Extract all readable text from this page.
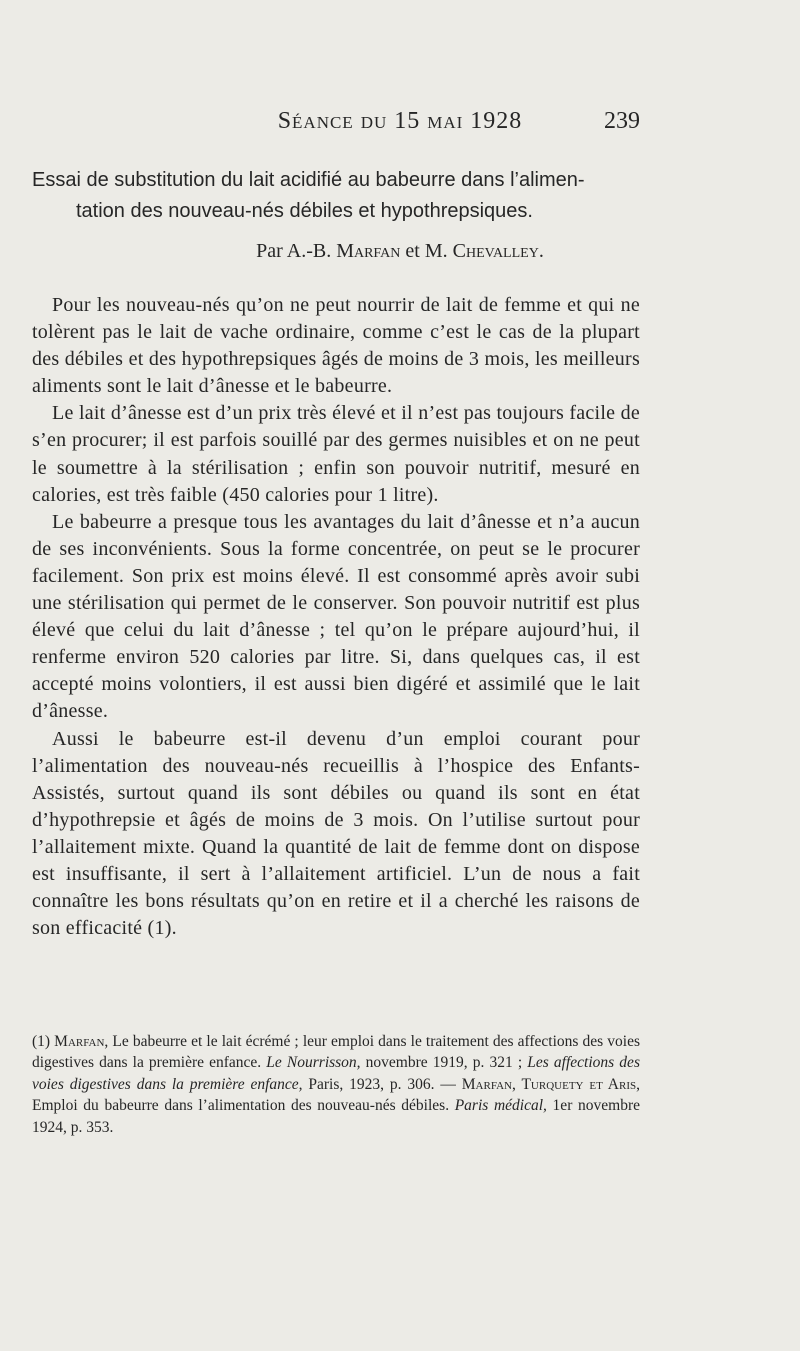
Séance du 15 mai 1928	239
Essai de substitution du lait acidifié au babeurre dans l’alimen-
tation des nouveau-nés débiles et hypothrepsiques.
Par A.-B. Marfan et M. Chevalley.

Pour les nouveau-nés qu’on ne peut nourrir de lait de femme et qui ne tolèrent pas le lait de vache ordinaire, comme c’est le cas de la plupart des débiles et des hypothrepsiques âgés de moins de 3 mois, les meilleurs aliments sont le lait d’ânesse et le babeurre.

Le lait d’ânesse est d’un prix très élevé et il n’est pas toujours facile de s’en procurer; il est parfois souillé par des germes nuisibles et on ne peut le soumettre à la stérilisation ; enfin son pouvoir nutritif, mesuré en calories, est très faible (450 calories pour 1 litre).

Le babeurre a presque tous les avantages du lait d’ânesse et n’a aucun de ses inconvénients. Sous la forme concentrée, on peut se le procurer facilement. Son prix est moins élevé. Il est consommé après avoir subi une stérilisation qui permet de le conserver. Son pouvoir nutritif est plus élevé que celui du lait d’ânesse ; tel qu’on le prépare aujourd’hui, il renferme environ 520 calories par litre. Si, dans quelques cas, il est accepté moins volontiers, il est aussi bien digéré et assimilé que le lait d’ânesse.

Aussi le babeurre est-il devenu d’un emploi courant pour l’alimentation des nouveau-nés recueillis à l’hospice des Enfants-Assistés, surtout quand ils sont débiles ou quand ils sont en état d’hypothrepsie et âgés de moins de 3 mois. On l’utilise surtout pour l’allaitement mixte. Quand la quantité de lait de femme dont on dispose est insuffisante, il sert à l’allaitement artificiel. L’un de nous a fait connaître les bons résultats qu’on en retire et il a cherché les raisons de son efficacité (1).

(1) Marfan, Le babeurre et le lait écrémé ; leur emploi dans le traitement des affections des voies digestives dans la première enfance. Le Nourrisson, novembre 1919, p. 321 ; Les affections des voies digestives dans la première enfance, Paris, 1923, p. 306. — Marfan, Turquety et Aris, Emploi du babeurre dans l’alimentation des nouveau-nés débiles. Paris médical, 1er novembre 1924, p. 353.
